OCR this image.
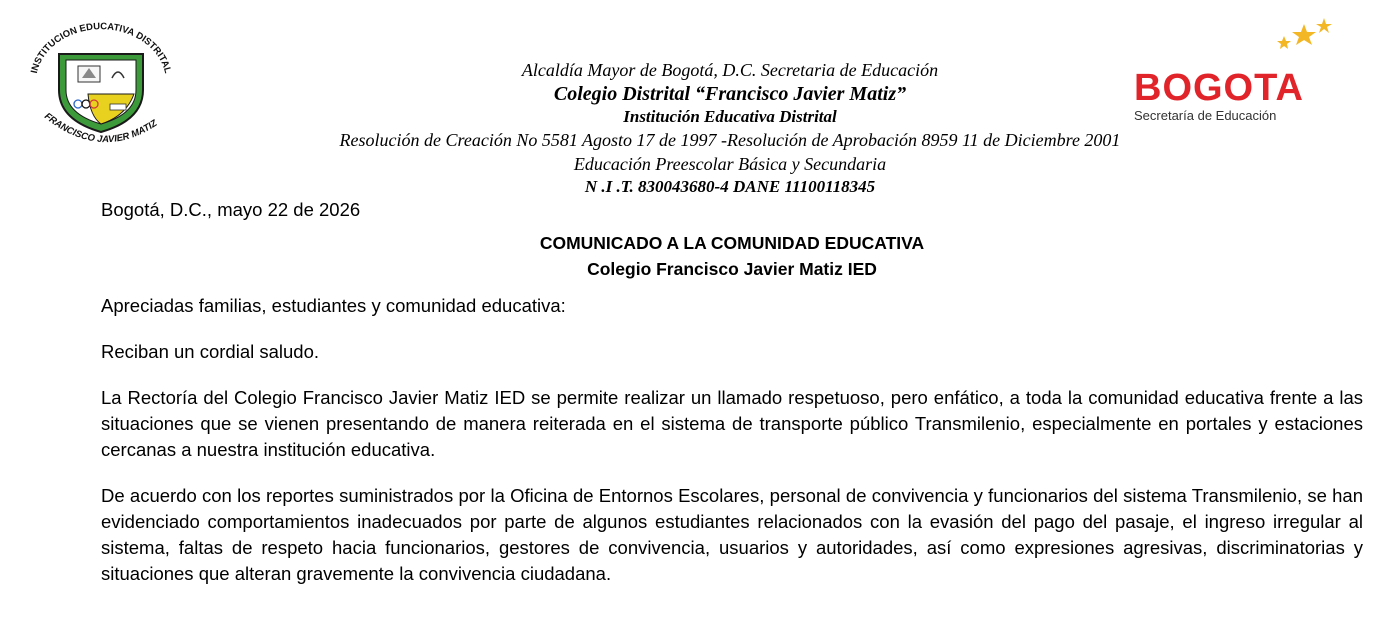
INSTITUCION EDUCATIVA DISTRITAL
FRANCISCO JAVIER MATIZ
Alcaldía Mayor de Bogotá, D.C. Secretaria de Educación
Colegio Distrital “Francisco Javier Matiz”
Institución Educativa Distrital
Resolución de Creación No 5581 Agosto 17 de 1997 -Resolución de Aprobación 8959 11 de Diciembre 2001
Educación Preescolar Básica y Secundaria
N .I .T. 830043680-4 DANE 11100118345
BOGOTA
Secretaría de Educación

Bogotá, D.C., mayo 22 de 2026

COMUNICADO A LA COMUNIDAD EDUCATIVA
Colegio Francisco Javier Matiz IED

Apreciadas familias, estudiantes y comunidad educativa:

Reciban un cordial saludo.

La Rectoría del Colegio Francisco Javier Matiz IED se permite realizar un llamado respetuoso, pero enfático, a toda la comunidad educativa frente a las situaciones que se vienen presentando de manera reiterada en el sistema de transporte público Transmilenio, especialmente en portales y estaciones cercanas a nuestra institución educativa.

De acuerdo con los reportes suministrados por la Oficina de Entornos Escolares, personal de convivencia y funcionarios del sistema Transmilenio, se han evidenciado comportamientos inadecuados por parte de algunos estudiantes relacionados con la evasión del pago del pasaje, el ingreso irregular al sistema, faltas de respeto hacia funcionarios, gestores de convivencia, usuarios y autoridades, así como expresiones agresivas, discriminatorias y situaciones que alteran gravemente la convivencia ciudadana.
